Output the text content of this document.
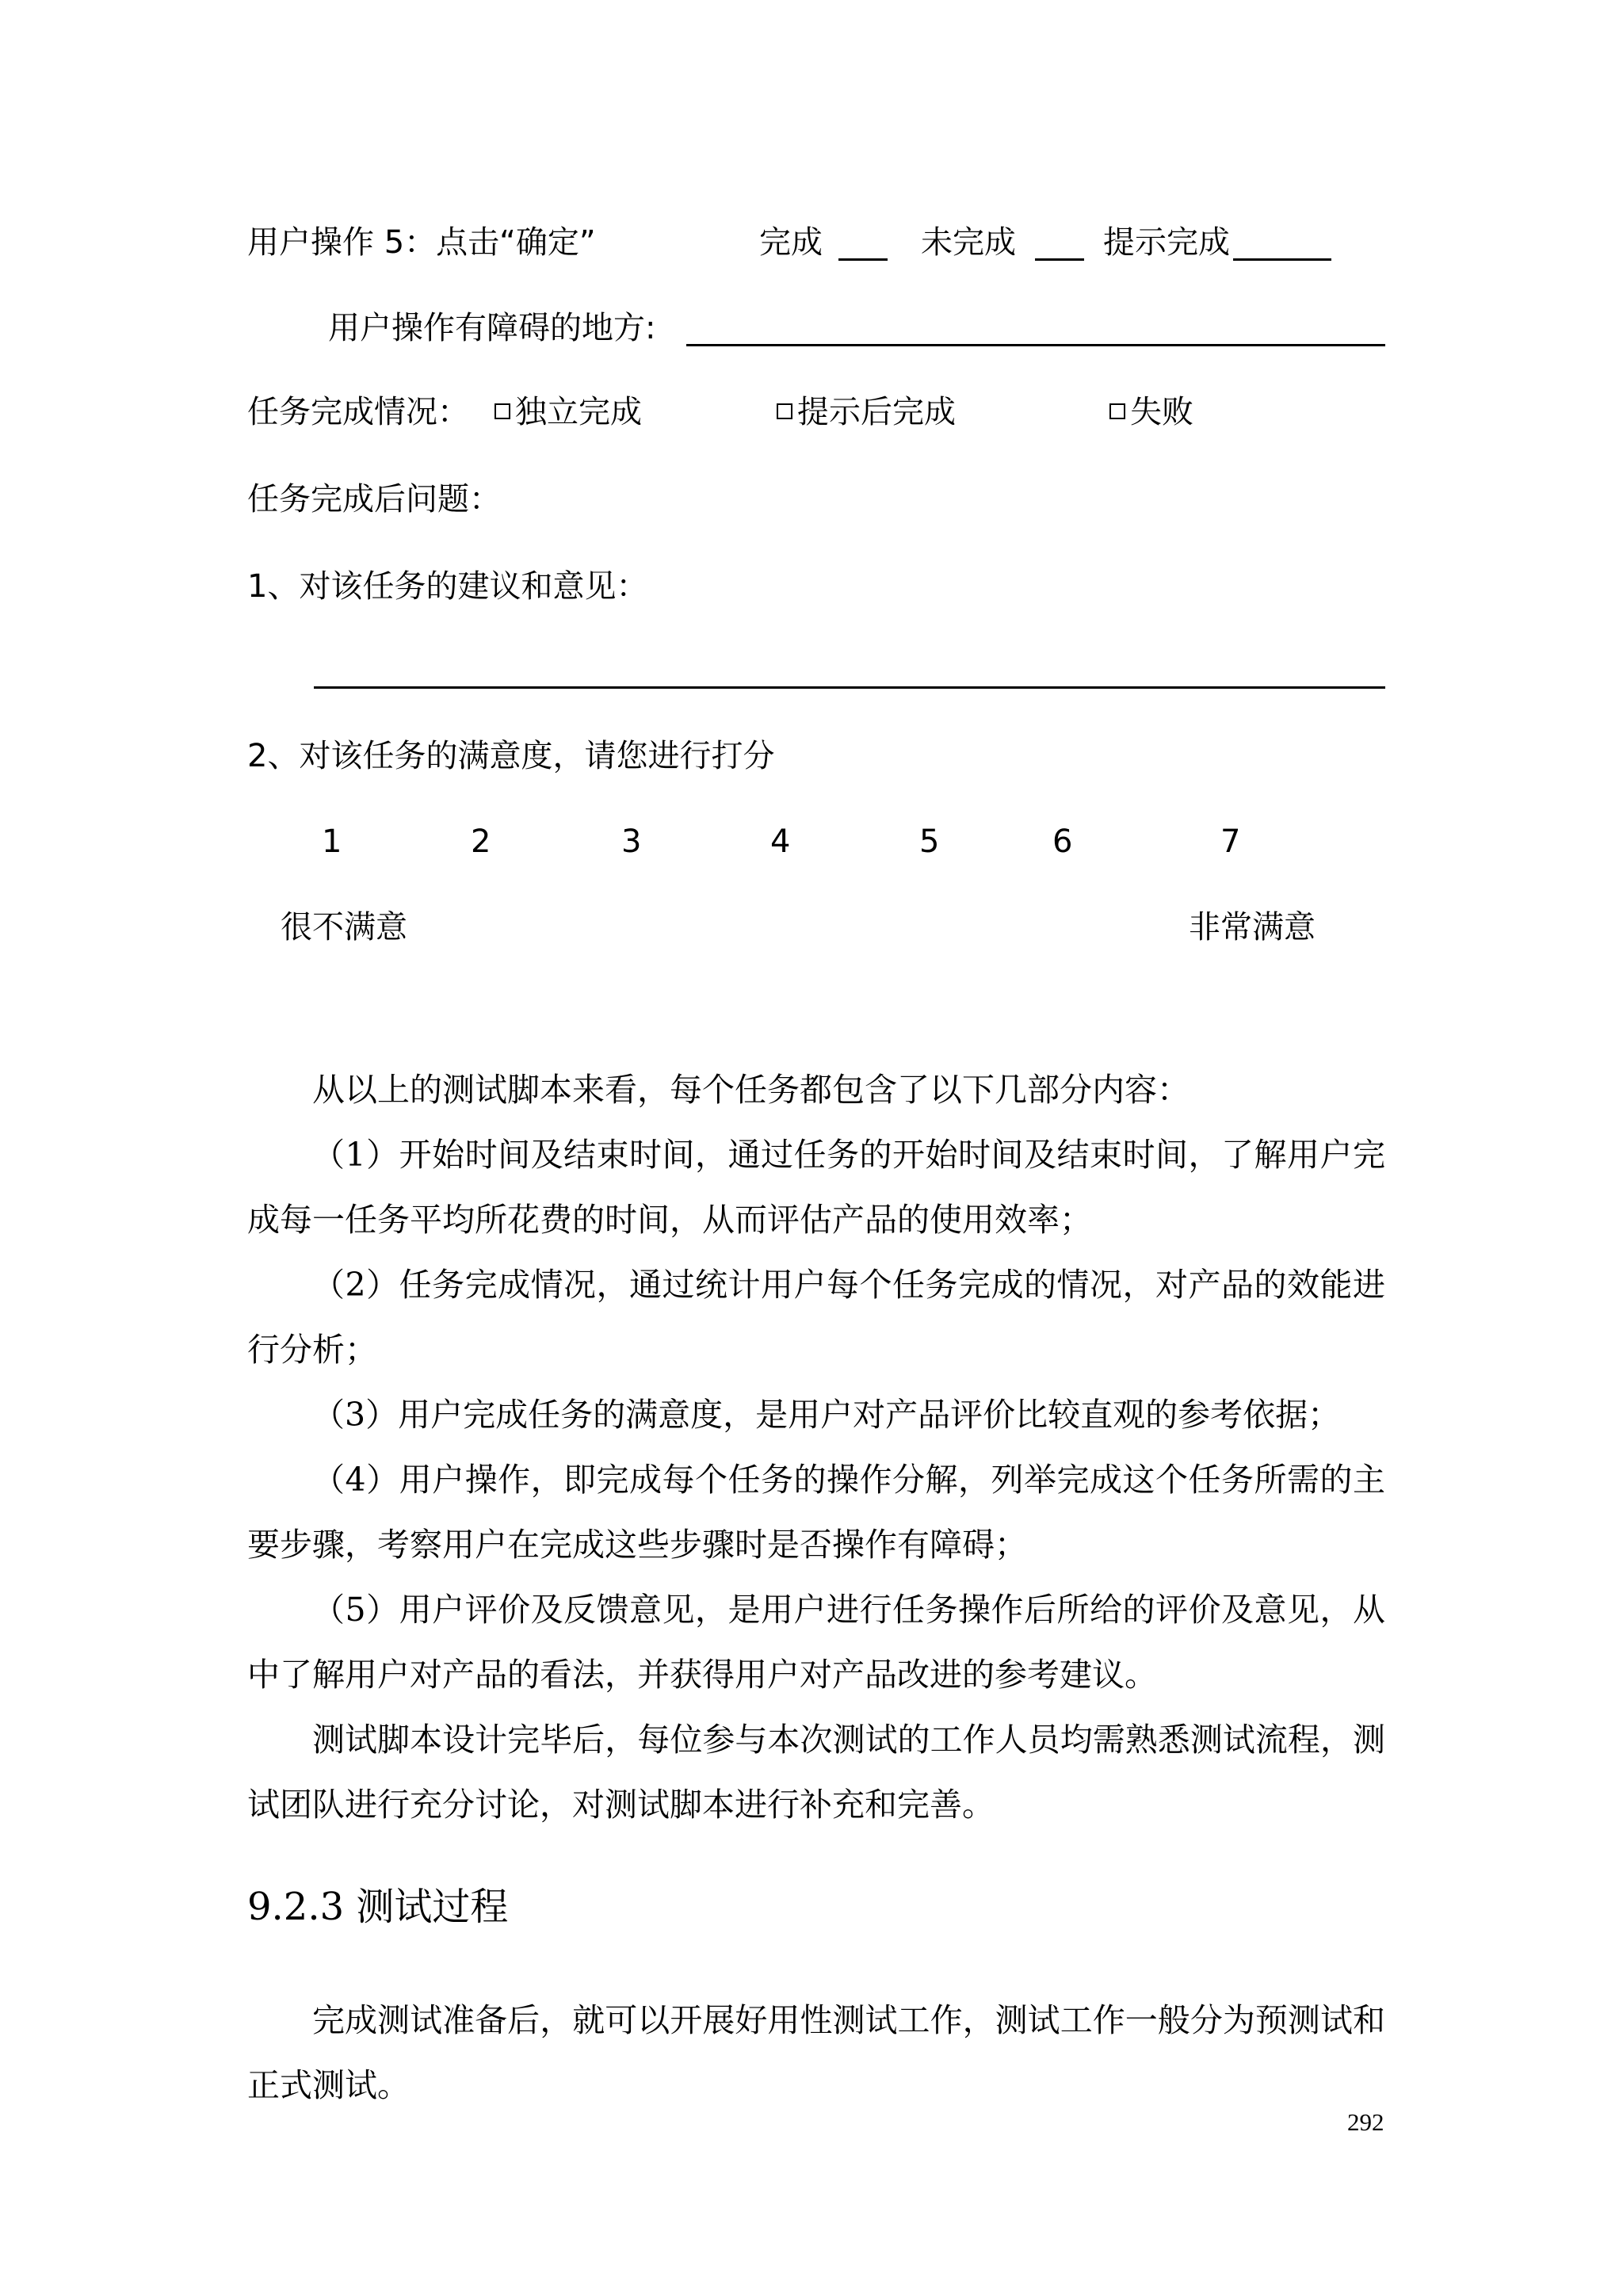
用户操作 5：点击“确定”	完成	未完成	提示完成
用户操作有障碍的地方:
任务完成情况：	独立完成	提示后完成	失败
任务完成后问题：
1、对该任务的建议和意见：
2、对该任务的满意度，请您进行打分
1	2	3	4	5	6	7
很不满意	非常满意

从以上的测试脚本来看，每个任务都包含了以下几部分内容：

（1）开始时间及结束时间，通过任务的开始时间及结束时间，了解用户完成每一任务平均所花费的时间，从而评估产品的使用效率；

（2）任务完成情况，通过统计用户每个任务完成的情况，对产品的效能进行分析；

（3）用户完成任务的满意度，是用户对产品评价比较直观的参考依据；

（4）用户操作，即完成每个任务的操作分解，列举完成这个任务所需的主要步骤，考察用户在完成这些步骤时是否操作有障碍；

（5）用户评价及反馈意见，是用户进行任务操作后所给的评价及意见，从中了解用户对产品的看法，并获得用户对产品改进的参考建议。

测试脚本设计完毕后，每位参与本次测试的工作人员均需熟悉测试流程，测试团队进行充分讨论，对测试脚本进行补充和完善。

9.2.3 测试过程

完成测试准备后，就可以开展好用性测试工作，测试工作一般分为预测试和正式测试。

292
